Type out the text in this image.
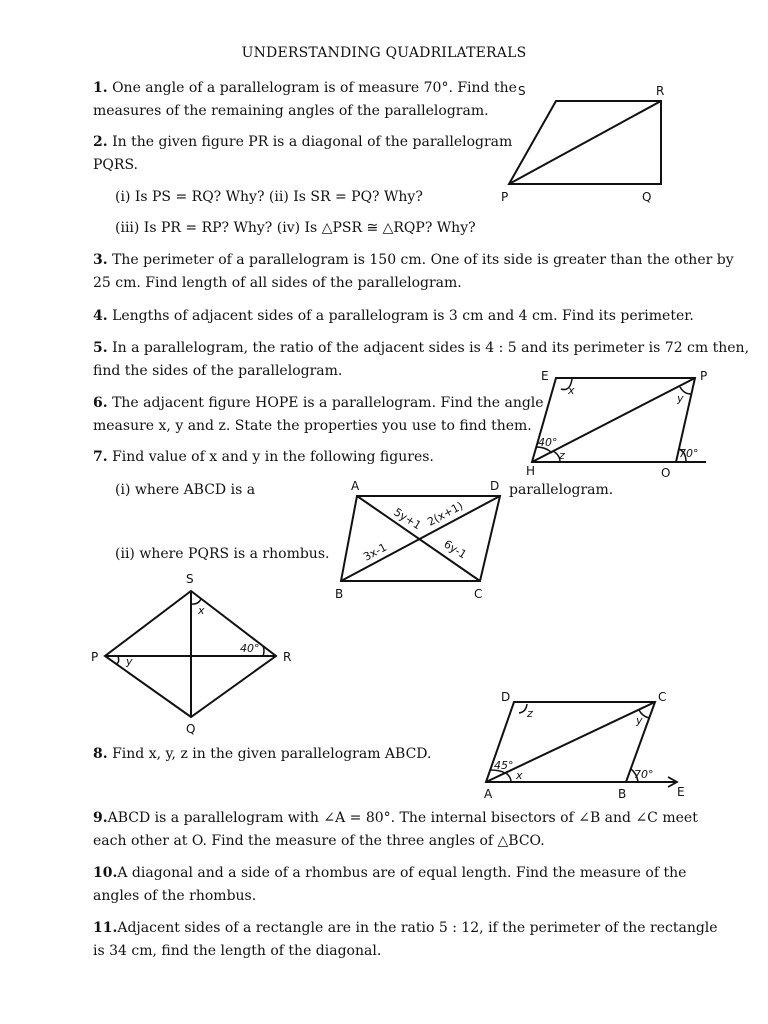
UNDERSTANDING QUADRILATERALS
1. One angle of a parallelogram is of measure 70°. Find the
measures of the remaining angles of the parallelogram.
2. In the given figure PR is a diagonal of the parallelogram
PQRS.
(i) Is PS = RQ? Why? (ii) Is SR = PQ? Why?
(iii) Is PR = RP? Why? (iv) Is △PSR ≅ △RQP? Why?
3. The perimeter of a parallelogram is 150 cm. One of its side is greater than the other by
25 cm. Find length of all sides of the parallelogram.
4. Lengths of adjacent sides of a parallelogram is 3 cm and 4 cm. Find its perimeter.
5. In a parallelogram, the ratio of the adjacent sides is 4 : 5 and its perimeter is 72 cm then,
find the sides of the parallelogram.
6. The adjacent figure HOPE is a parallelogram. Find the angle
measure x, y and z. State the properties you use to find them.
7. Find value of x and y in the following figures.
(i) where ABCD is a	parallelogram.
(ii) where PQRS is a rhombus.
8. Find x, y, z in the given parallelogram ABCD.
9.ABCD is a parallelogram with ∠A = 80°. The internal bisectors of ∠B and ∠C meet
each other at O. Find the measure of the three angles of △BCO.
10.A diagonal and a side of a rhombus are of equal length. Find the measure of the
angles of the rhombus.
11.Adjacent sides of a rectangle are in the ratio 5 : 12, if the perimeter of the rectangle
is 34 cm, find the length of the diagonal.
S	R
P	Q
E	P
H	O
x
y
z
40°
70°
A	D
B	C
5y+1 2(x+1)
3x-1	6y-1
S
P	R
Q
x
y
40°
D	C
A	B	E
z
y
45°
x	70°
